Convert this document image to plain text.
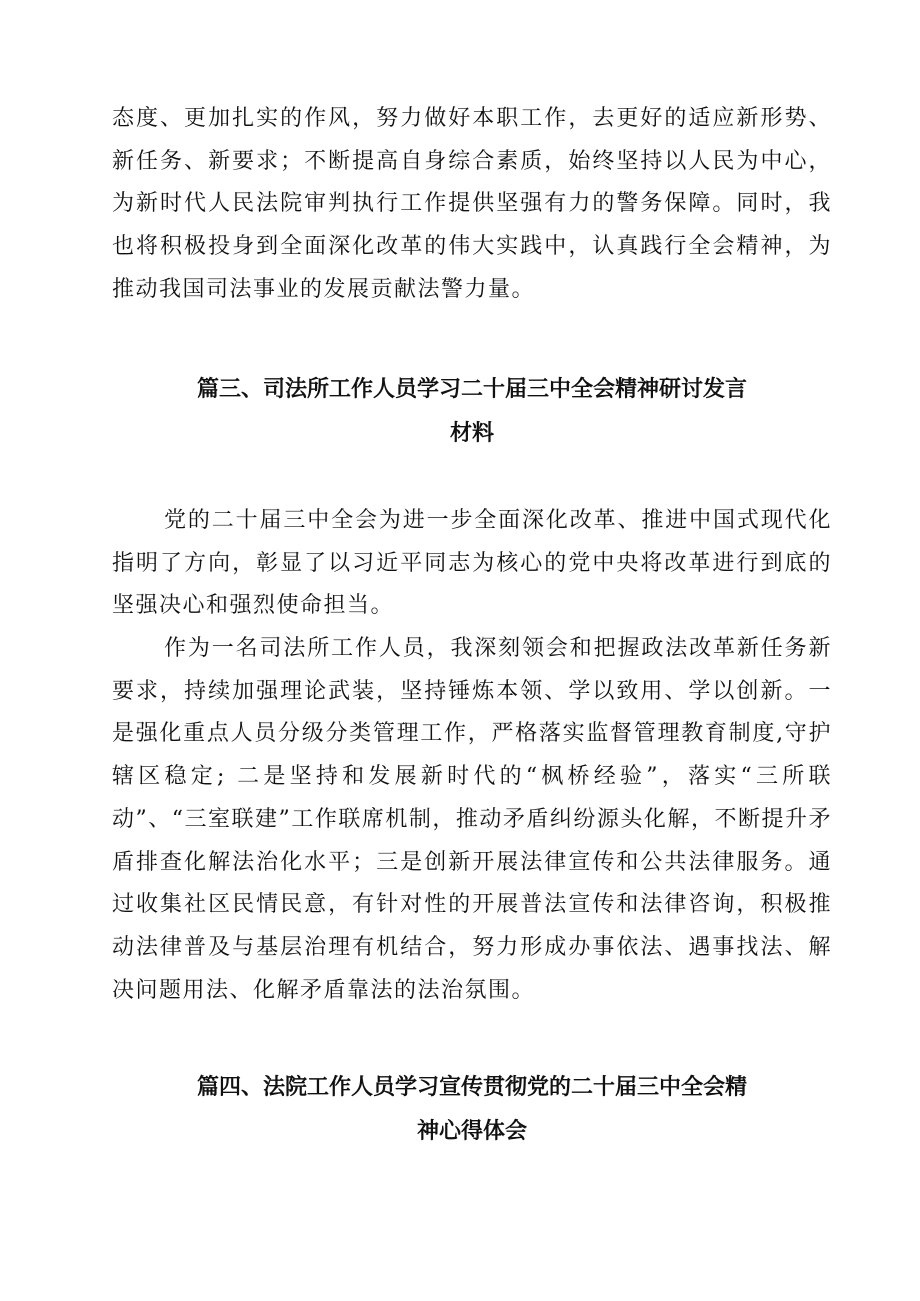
态度、更加扎实的作风，努力做好本职工作，去更好的适应新形势、新任务、新要求；不断提高自身综合素质，始终坚持以人民为中心，为新时代人民法院审判执行工作提供坚强有力的警务保障。同时，我也将积极投身到全面深化改革的伟大实践中，认真践行全会精神，为推动我国司法事业的发展贡献法警力量。

篇三、司法所工作人员学习二十届三中全会精神研讨发言
材料

党的二十届三中全会为进一步全面深化改革、推进中国式现代化指明了方向，彰显了以习近平同志为核心的党中央将改革进行到底的坚强决心和强烈使命担当。

作为一名司法所工作人员，我深刻领会和把握政法改革新任务新要求，持续加强理论武装，坚持锤炼本领、学以致用、学以创新。一是强化重点人员分级分类管理工作，严格落实监督管理教育制度,守护辖区稳定; 二是坚持和发展新时代的“枫桥经验”，落实“三所联动”、“三室联建”工作联席机制，推动矛盾纠纷源头化解，不断提升矛盾排查化解法治化水平；三是创新开展法律宣传和公共法律服务。通过收集社区民情民意，有针对性的开展普法宣传和法律咨询，积极推动法律普及与基层治理有机结合，努力形成办事依法、遇事找法、解决问题用法、化解矛盾靠法的法治氛围。

篇四、法院工作人员学习宣传贯彻党的二十届三中全会精
神心得体会
